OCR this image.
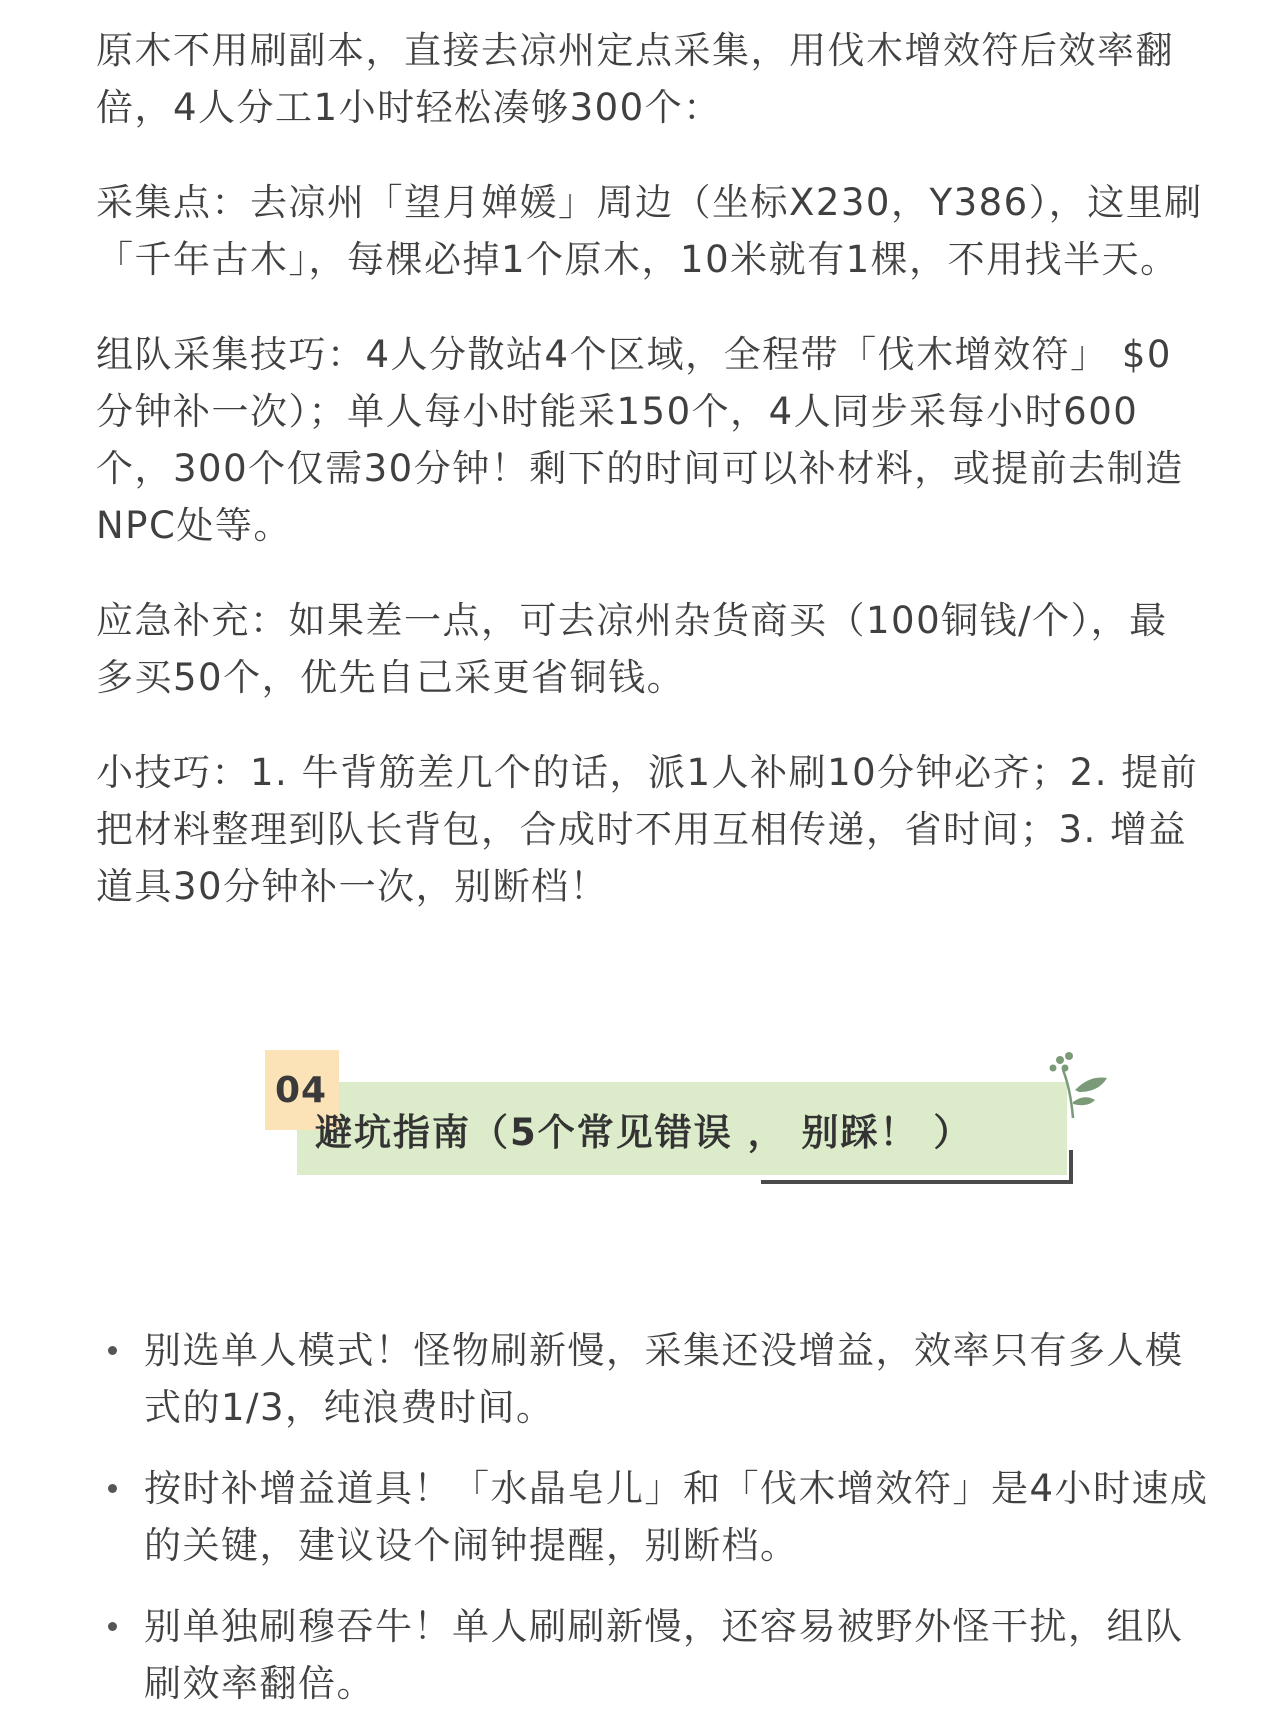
原木不用刷副本，直接去凉州定点采集，用伐木增效符后效率翻倍，4人分工1小时轻松凑够300个：

采集点：去凉州「望月婵媛」周边（坐标X230，Y386），这里刷「千年古木」，每棵必掉1个原木，10米就有1棵，不用找半天。

组队采集技巧：4人分散站4个区域，全程带「伐木增效符」 $0分钟补一次）；单人每小时能采150个，4人同步采每小时600个，300个仅需30分钟！剩下的时间可以补材料，或提前去制造NPC处等。

应急补充：如果差一点，可去凉州杂货商买（100铜钱/个），最多买50个，优先自己采更省铜钱。

小技巧：1. 牛背筋差几个的话，派1人补刷10分钟必齐；2. 提前把材料整理到队长背包，合成时不用互相传递，省时间；3. 增益道具30分钟补一次，别断档！

04
避坑指南（5个常见错误 ， 别踩！ ）
别选单人模式！怪物刷新慢，采集还没增益，效率只有多人模式的1/3，纯浪费时间。
按时补增益道具！「水晶皂儿」和「伐木增效符」是4小时速成的关键，建议设个闹钟提醒，别断档。
别单独刷穆吞牛！单人刷刷新慢，还容易被野外怪干扰，组队刷效率翻倍。
